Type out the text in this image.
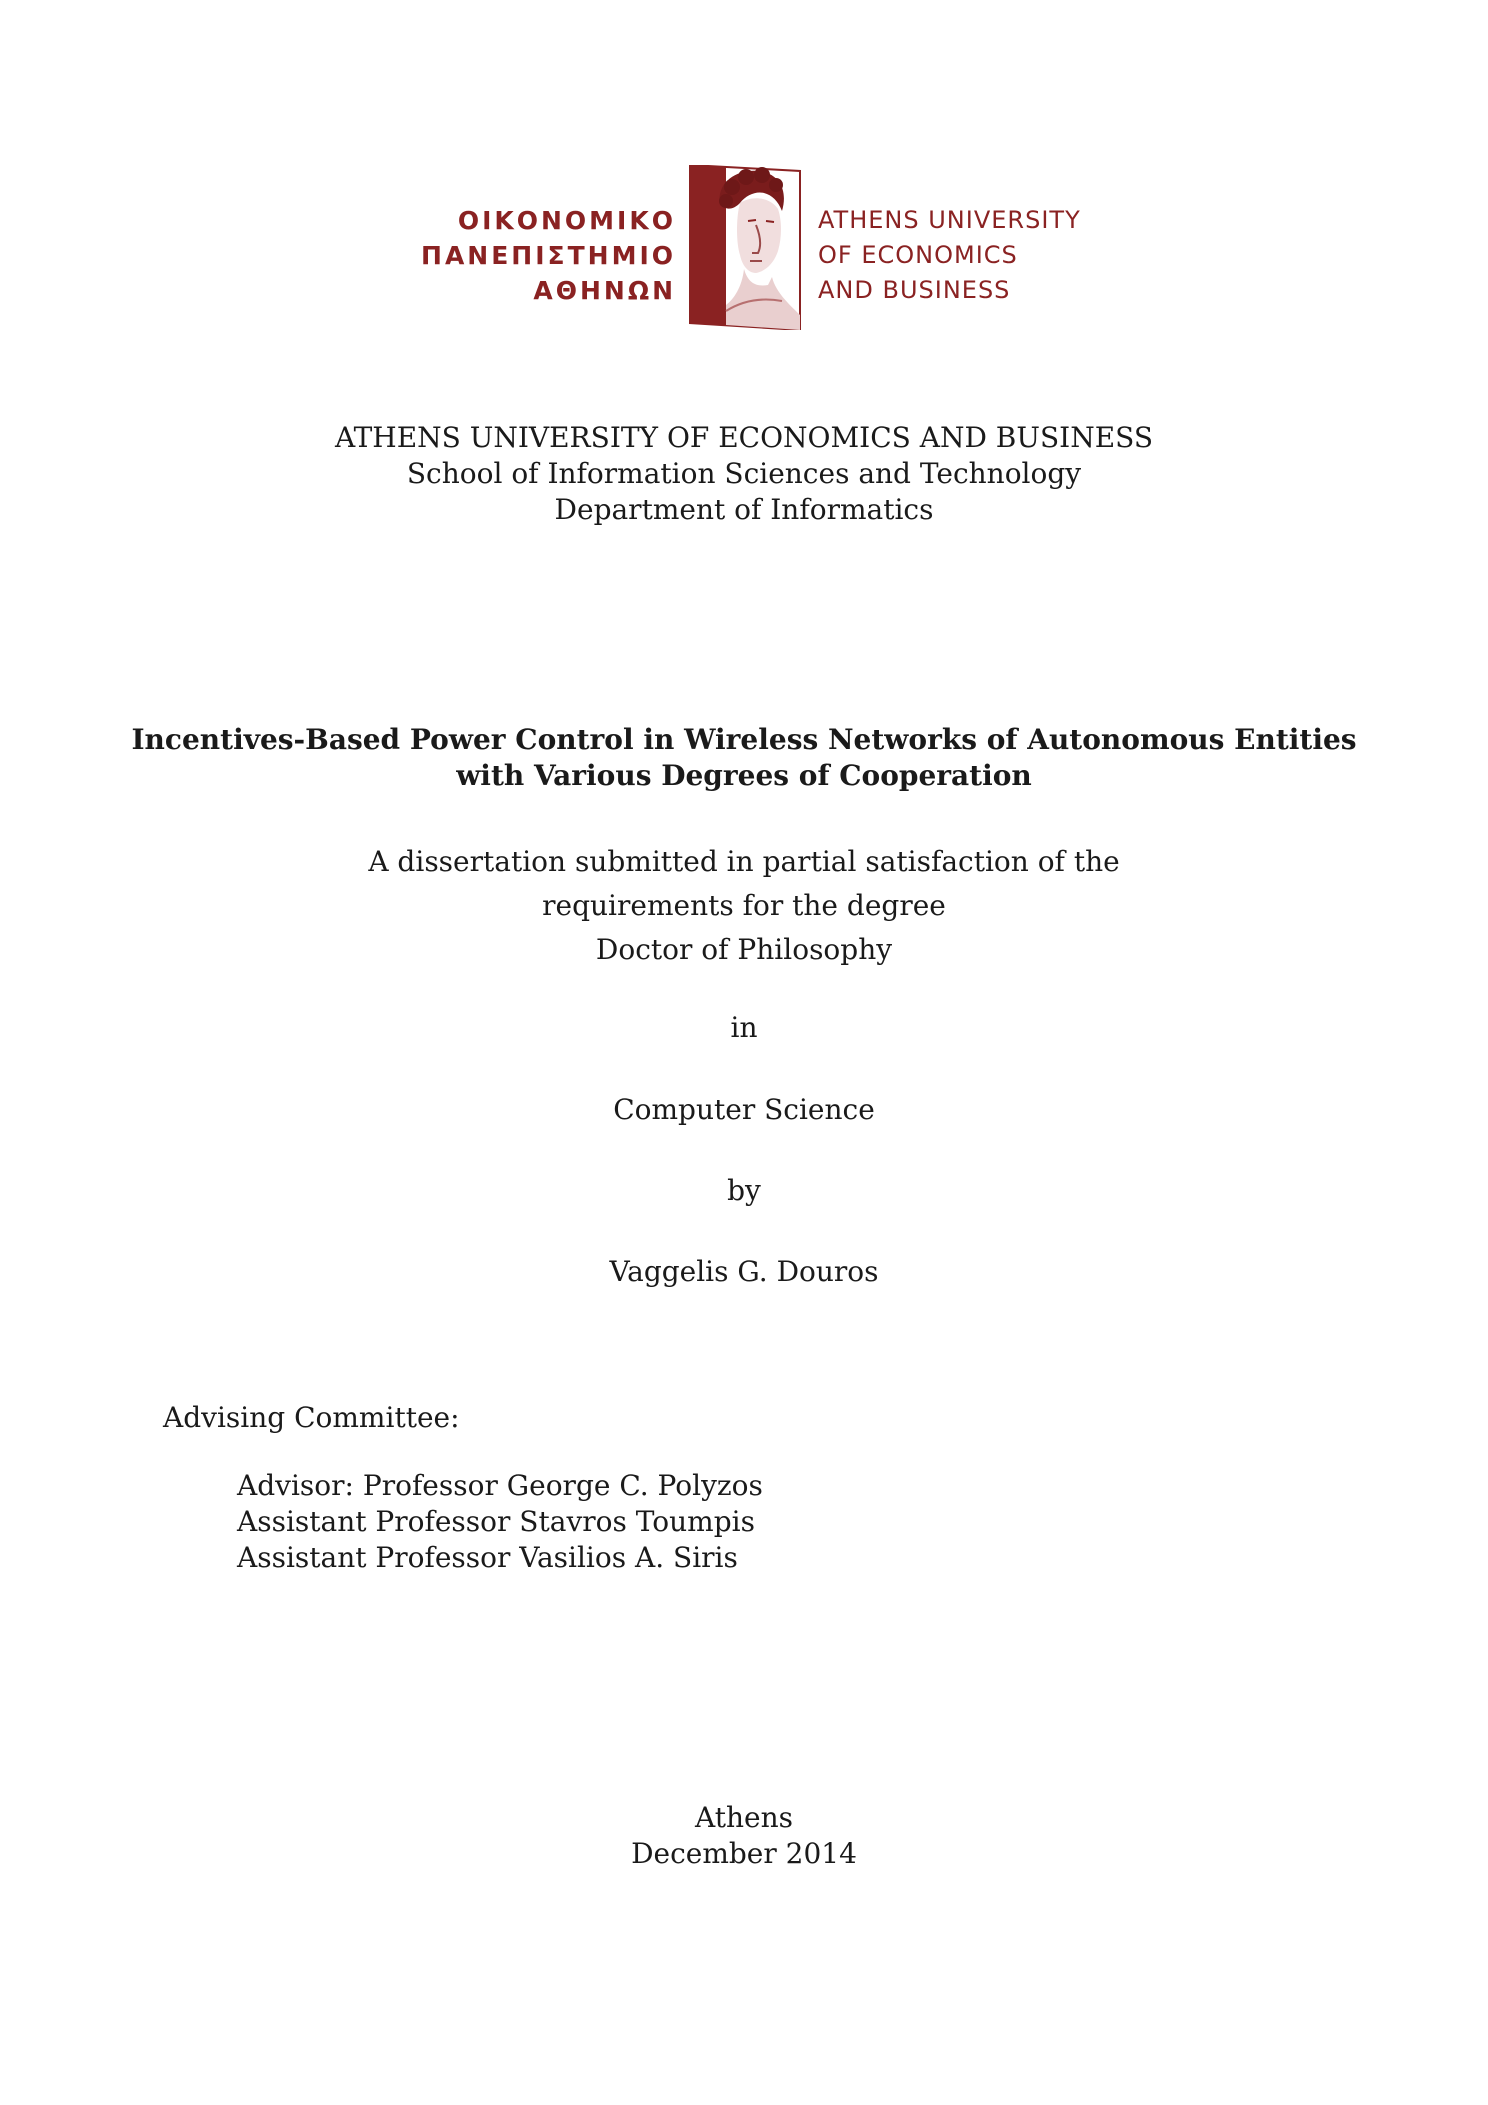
ΟΙΚΟΝΟΜΙΚΟ
ΠΑΝΕΠΙΣΤΗΜΙΟ
ΑΘΗΝΩΝ
ATHENS UNIVERSITY
OF ECONOMICS
AND BUSINESS
ATHENS UNIVERSITY OF ECONOMICS AND BUSINESS
School of Information Sciences and Technology
Department of Informatics
Incentives-Based Power Control in Wireless Networks of Autonomous Entities
with Various Degrees of Cooperation
A dissertation submitted in partial satisfaction of the
requirements for the degree
Doctor of Philosophy
in
Computer Science
by
Vaggelis G. Douros
Advising Committee:
Advisor: Professor George C. Polyzos
Assistant Professor Stavros Toumpis
Assistant Professor Vasilios A. Siris
Athens
December 2014
